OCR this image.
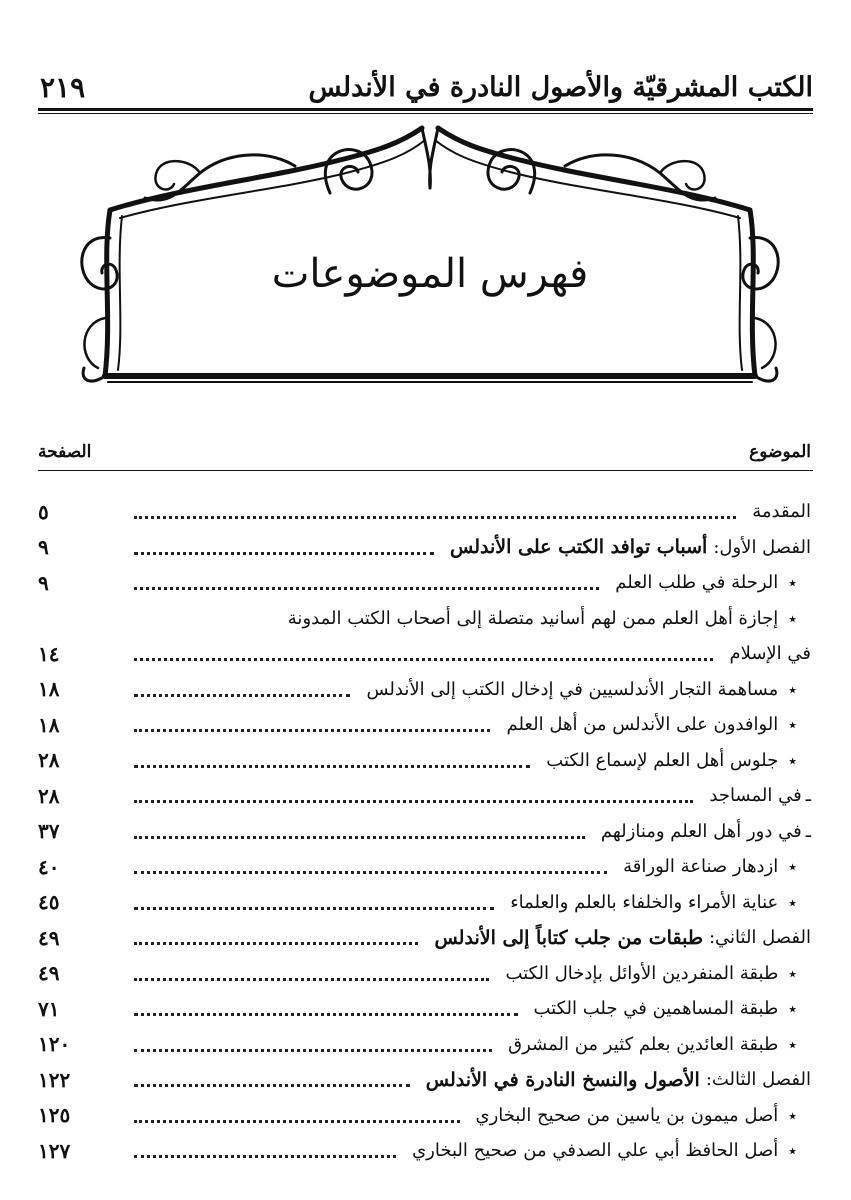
الكتب المشرقيّة والأصول النادرة في الأندلس
٢١٩
فهرس الموضوعات
الموضوع
الصفحة
المقدمة
٥
الفصل الأول:
أسباب توافد الكتب على الأندلس
٩
٭
الرحلة في طلب العلم
٩
٭
إجازة أهل العلم ممن لهم أسانيد متصلة إلى أصحاب الكتب المدونة
في الإسلام
١٤
٭
مساهمة التجار الأندلسيين في إدخال الكتب إلى الأندلس
١٨
٭
الوافدون على الأندلس من أهل العلم
١٨
٭
جلوس أهل العلم لإسماع الكتب
٢٨
ـ
في المساجد
٢٨
ـ
في دور أهل العلم ومنازلهم
٣٧
٭
ازدهار صناعة الوراقة
٤٠
٭
عناية الأمراء والخلفاء بالعلم والعلماء
٤٥
الفصل الثاني:
طبقات من جلب كتاباً إلى الأندلس
٤٩
٭
طبقة المنفردين الأوائل بإدخال الكتب
٤٩
٭
طبقة المساهمين في جلب الكتب
٧١
٭
طبقة العائدين بعلم كثير من المشرق
١٢٠
الفصل الثالث:
الأصول والنسخ النادرة في الأندلس
١٢٢
٭
أصل ميمون بن ياسين من صحيح البخاري
١٢٥
٭
أصل الحافظ أبي علي الصدفي من صحيح البخاري
١٢٧
